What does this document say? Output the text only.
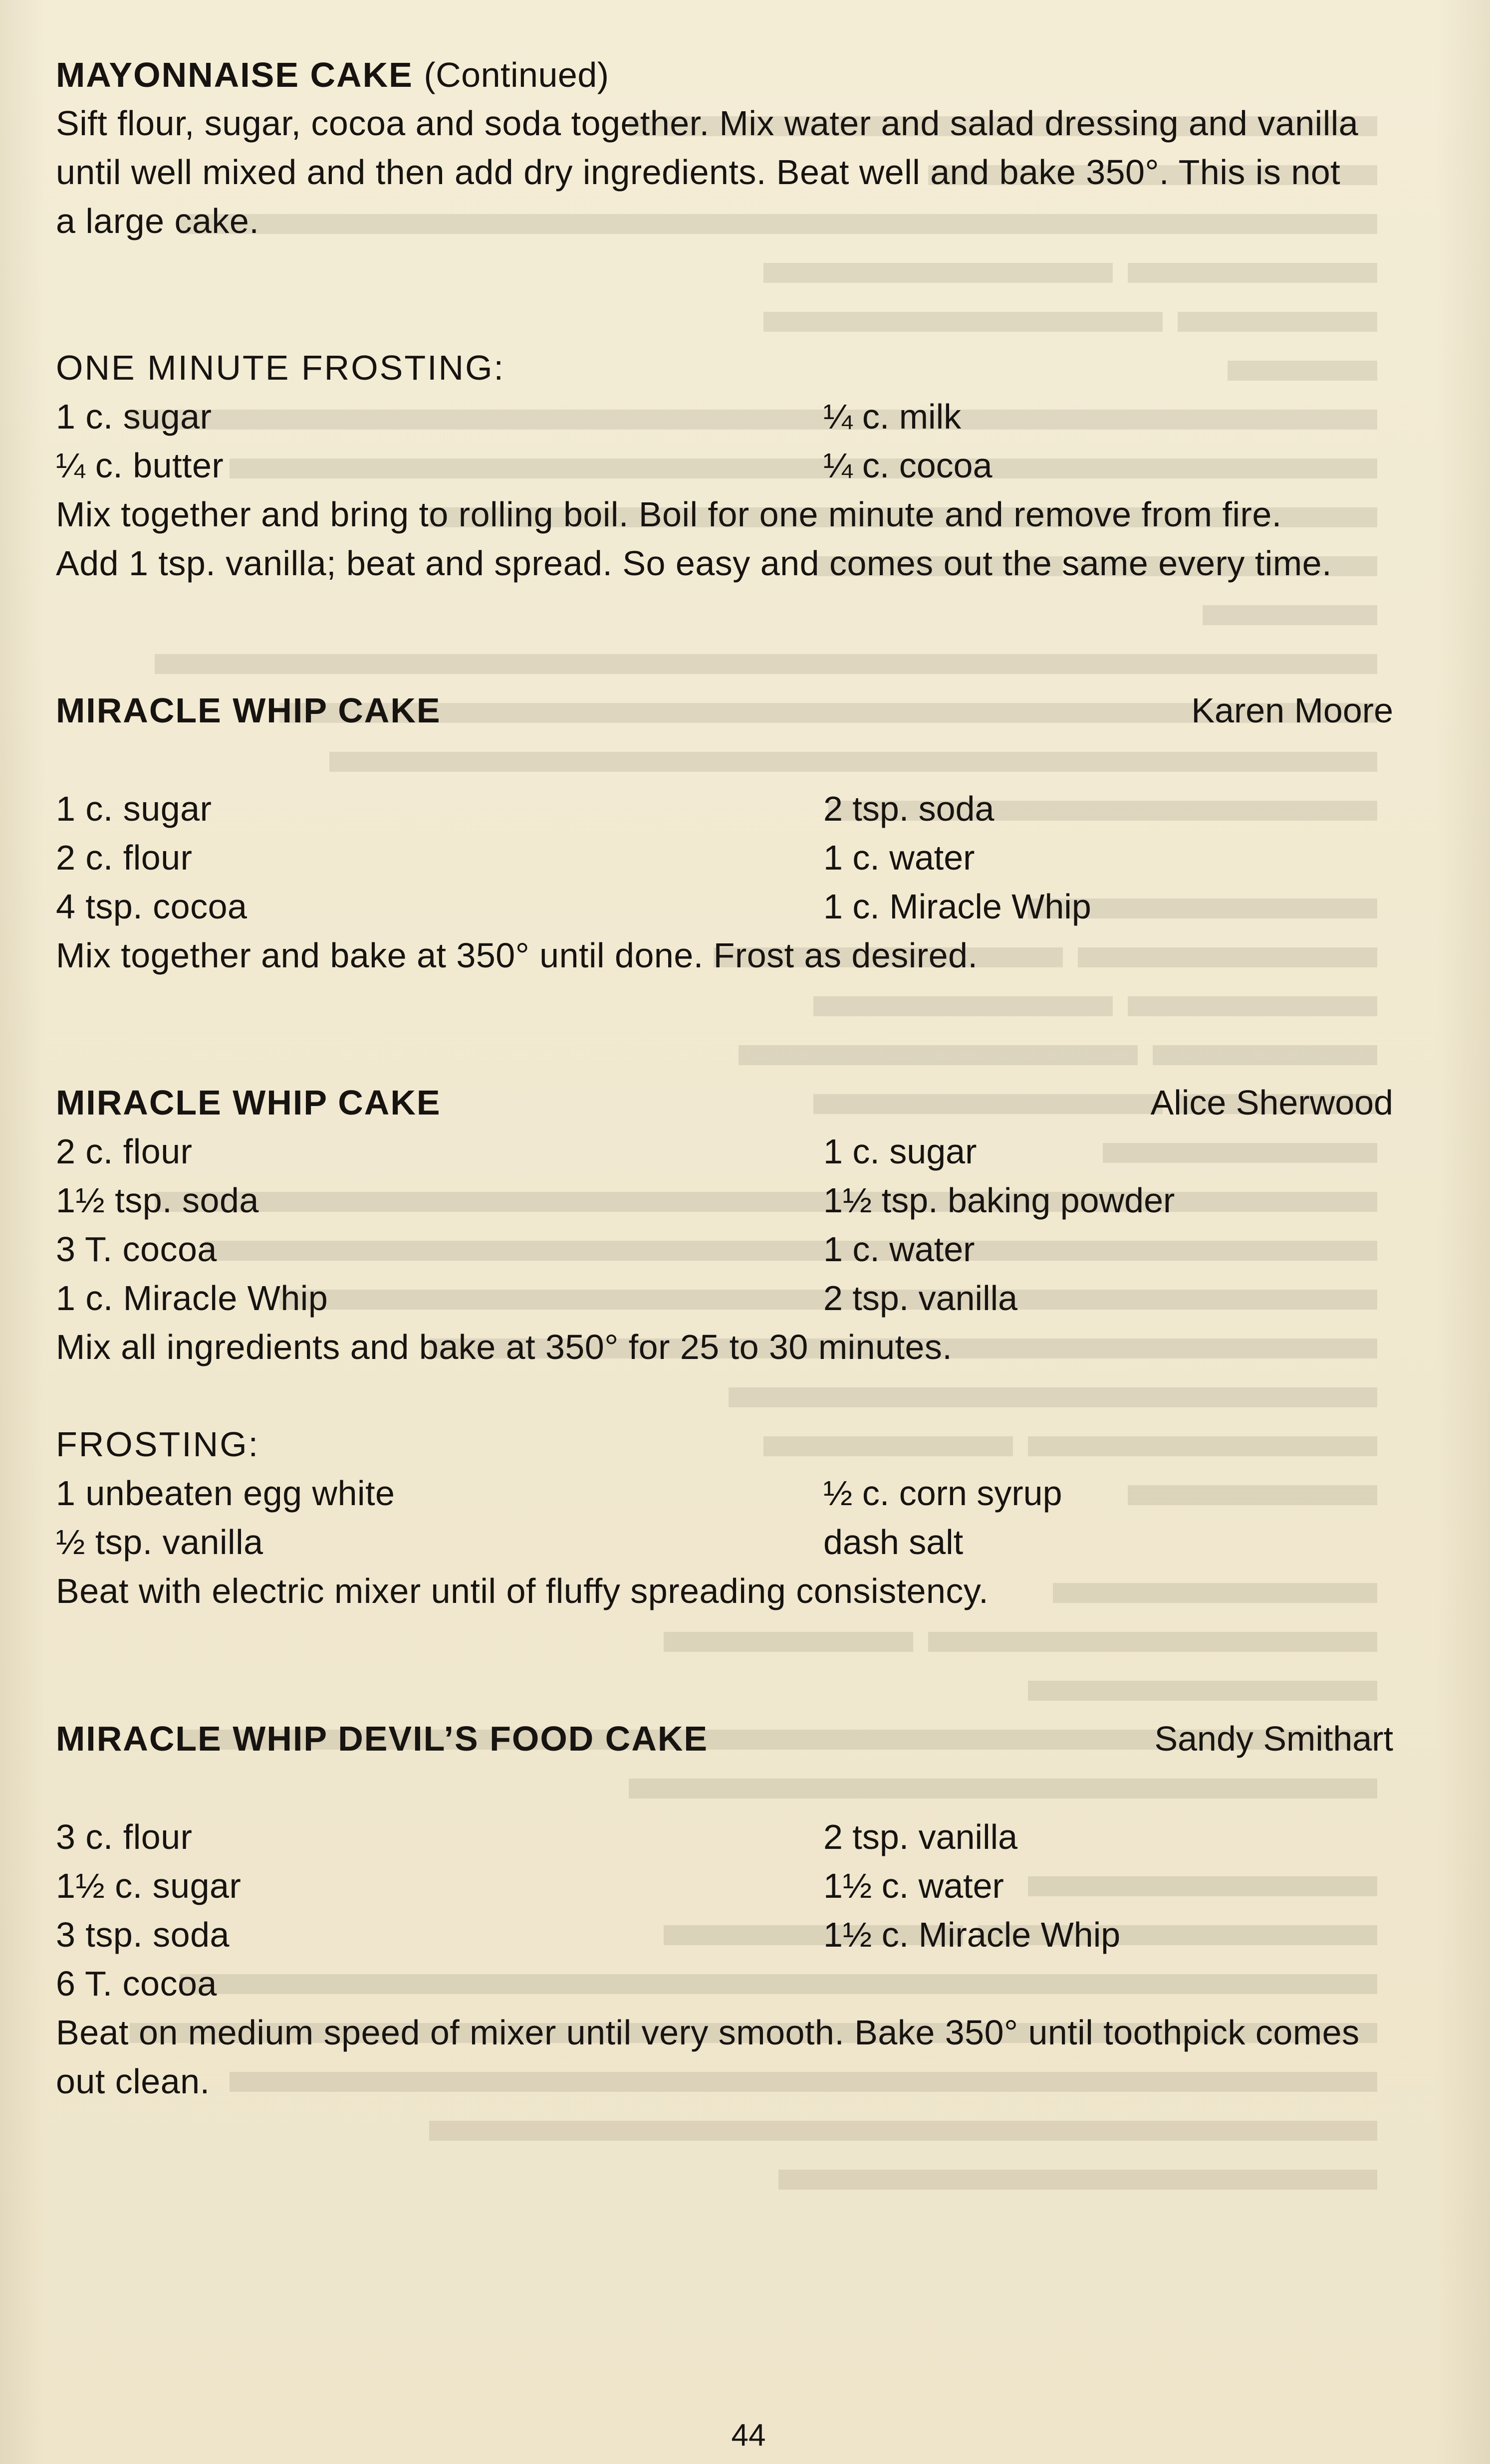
MAYONNAISE CAKE (Continued)
Sift flour, sugar, cocoa and soda together. Mix water and salad dressing and vanilla
until well mixed and then add dry ingredients. Beat well and bake 350°. This is not
a large cake.
ONE MINUTE FROSTING:
1 c. sugar	¼ c. milk
¼ c. butter	¼ c. cocoa
Mix together and bring to rolling boil. Boil for one minute and remove from fire.
Add 1 tsp. vanilla; beat and spread. So easy and comes out the same every time.
MIRACLE WHIP CAKE	Karen Moore
1 c. sugar	2 tsp. soda
2 c. flour	1 c. water
4 tsp. cocoa	1 c. Miracle Whip
Mix together and bake at 350° until done. Frost as desired.
MIRACLE WHIP CAKE	Alice Sherwood
2 c. flour	1 c. sugar
1½ tsp. soda	1½ tsp. baking powder
3 T. cocoa	1 c. water
1 c. Miracle Whip	2 tsp. vanilla
Mix all ingredients and bake at 350° for 25 to 30 minutes.
FROSTING:
1 unbeaten egg white	½ c. corn syrup
½ tsp. vanilla	dash salt
Beat with electric mixer until of fluffy spreading consistency.
MIRACLE WHIP DEVIL’S FOOD CAKE	Sandy Smithart
3 c. flour	2 tsp. vanilla
1½ c. sugar	1½ c. water
3 tsp. soda	1½ c. Miracle Whip
6 T. cocoa
Beat on medium speed of mixer until very smooth. Bake 350° until toothpick comes
out clean.
44
